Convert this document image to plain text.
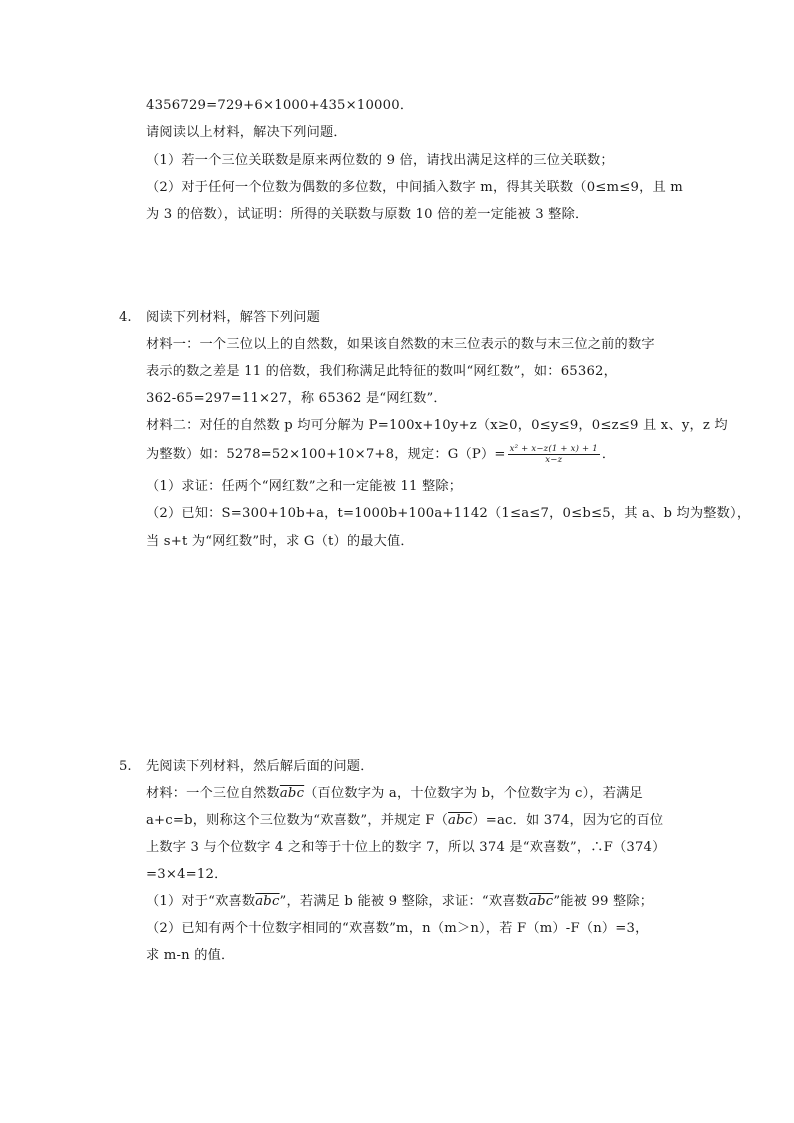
4356729=729+6×1000+435×10000．
请阅读以上材料，解决下列问题．
（1）若一个三位关联数是原来两位数的 9 倍，请找出满足这样的三位关联数；
（2）对于任何一个位数为偶数的多位数，中间插入数字 m，得其关联数（0≤m≤9，且 m
为 3 的倍数），试证明：所得的关联数与原数 10 倍的差一定能被 3 整除．
4. 阅读下列材料，解答下列问题
材料一：一个三位以上的自然数，如果该自然数的末三位表示的数与末三位之前的数字
表示的数之差是 11 的倍数，我们称满足此特征的数叫“网红数”，如：65362，
362-65=297=11×27，称 65362 是“网红数”．
材料二：对任的自然数 p 均可分解为 P=100x+10y+z（x≥0，0≤y≤9，0≤z≤9 且 x、y，z 均
为整数）如：5278=52×100+10×7+8，规定：$G(P)= \frac{\text{x² + x−z(1 + x) + 1}}{x-z}$ ．
（1）求证：任两个“网红数”之和一定能被 11 整除；
（2）已知：S=300+10b+a，t=1000b+100a+1142（1≤a≤7，0≤b≤5，其 a、b 均为整数），
当 s+t 为“网红数”时，求 G（t）的最大值．
5. 先阅读下列材料，然后解后面的问题．
材料：一个三位自然数$\overline{abc}$（百位数字为 a，十位数字为 b，个位数字为 c），若满足
a+c=b，则称这个三位数为“欢喜数”，并规定 $F(\overline{abc})=ac$．如 374，因为它的百位
上数字 3 与个位数字 4 之和等于十位上的数字 7，所以 374 是“欢喜数”，∴F（374）
=3×4=12．
（1）对于“欢喜数$\overline{abc}$”，若满足 b 能被 9 整除，求证：“欢喜数$\overline{abc}$”能被 99 整除；
（2）已知有两个十位数字相同的“欢喜数”m，n（m＞n），若 F（m）-F（n）=3，
求 m-n 的值．
